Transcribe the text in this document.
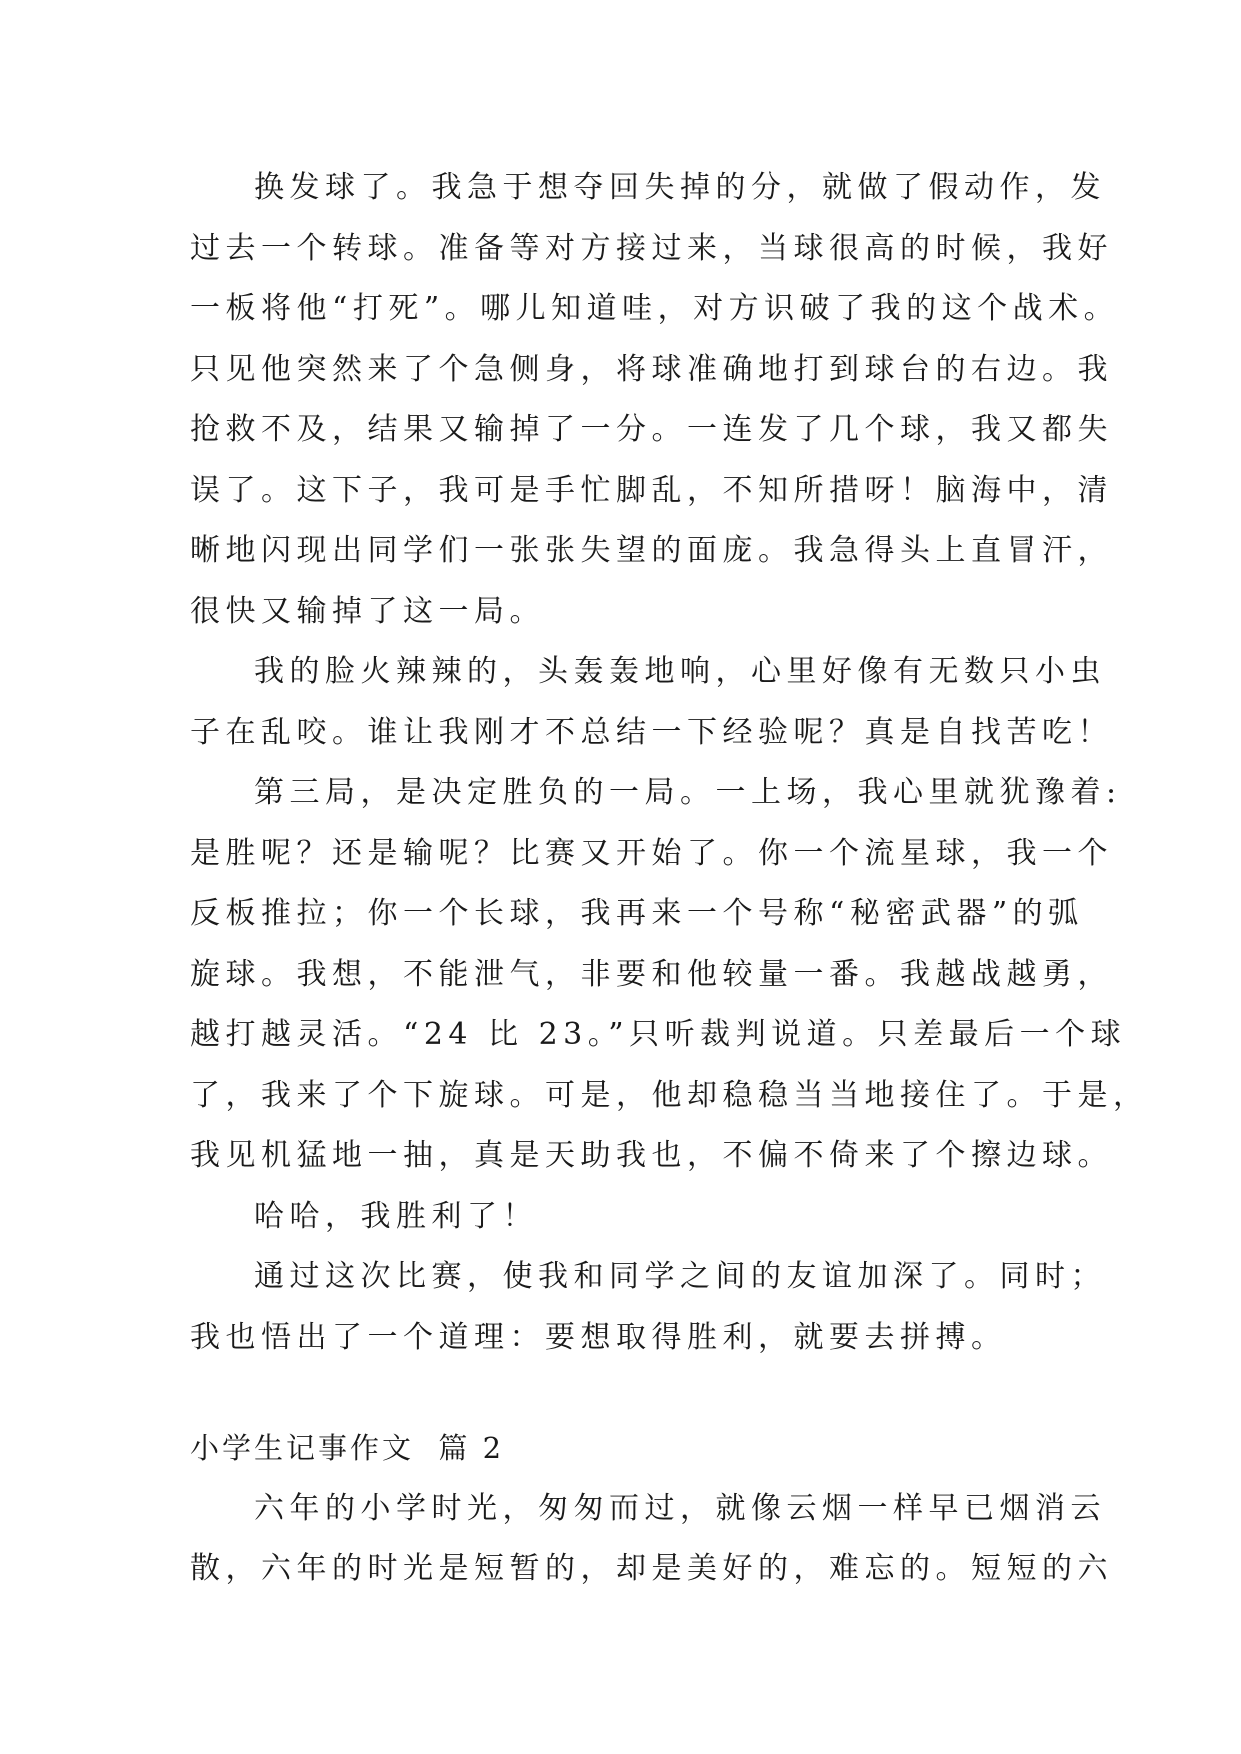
换发球了。我急于想夺回失掉的分，就做了假动作，发
过去一个转球。准备等对方接过来，当球很高的时候，我好
一板将他“打死”。哪儿知道哇，对方识破了我的这个战术。
只见他突然来了个急侧身，将球准确地打到球台的右边。我
抢救不及，结果又输掉了一分。一连发了几个球，我又都失
误了。这下子，我可是手忙脚乱，不知所措呀！脑海中，清
晰地闪现出同学们一张张失望的面庞。我急得头上直冒汗，
很快又输掉了这一局。
我的脸火辣辣的，头轰轰地响，心里好像有无数只小虫
子在乱咬。谁让我刚才不总结一下经验呢？真是自找苦吃！
第三局，是决定胜负的一局。一上场，我心里就犹豫着:
是胜呢？还是输呢？比赛又开始了。你一个流星球，我一个
反板推拉；你一个长球，我再来一个号称“秘密武器”的弧
旋球。我想，不能泄气，非要和他较量一番。我越战越勇，
越打越灵活。“24 比 23。”只听裁判说道。只差最后一个球
了，我来了个下旋球。可是，他却稳稳当当地接住了。于是，
我见机猛地一抽，真是天助我也，不偏不倚来了个擦边球。
哈哈，我胜利了！
通过这次比赛，使我和同学之间的友谊加深了。同时；
我也悟出了一个道理：要想取得胜利，就要去拼搏。
小学生记事作文  篇 2
六年的小学时光，匆匆而过，就像云烟一样早已烟消云
散，六年的时光是短暂的，却是美好的，难忘的。短短的六
